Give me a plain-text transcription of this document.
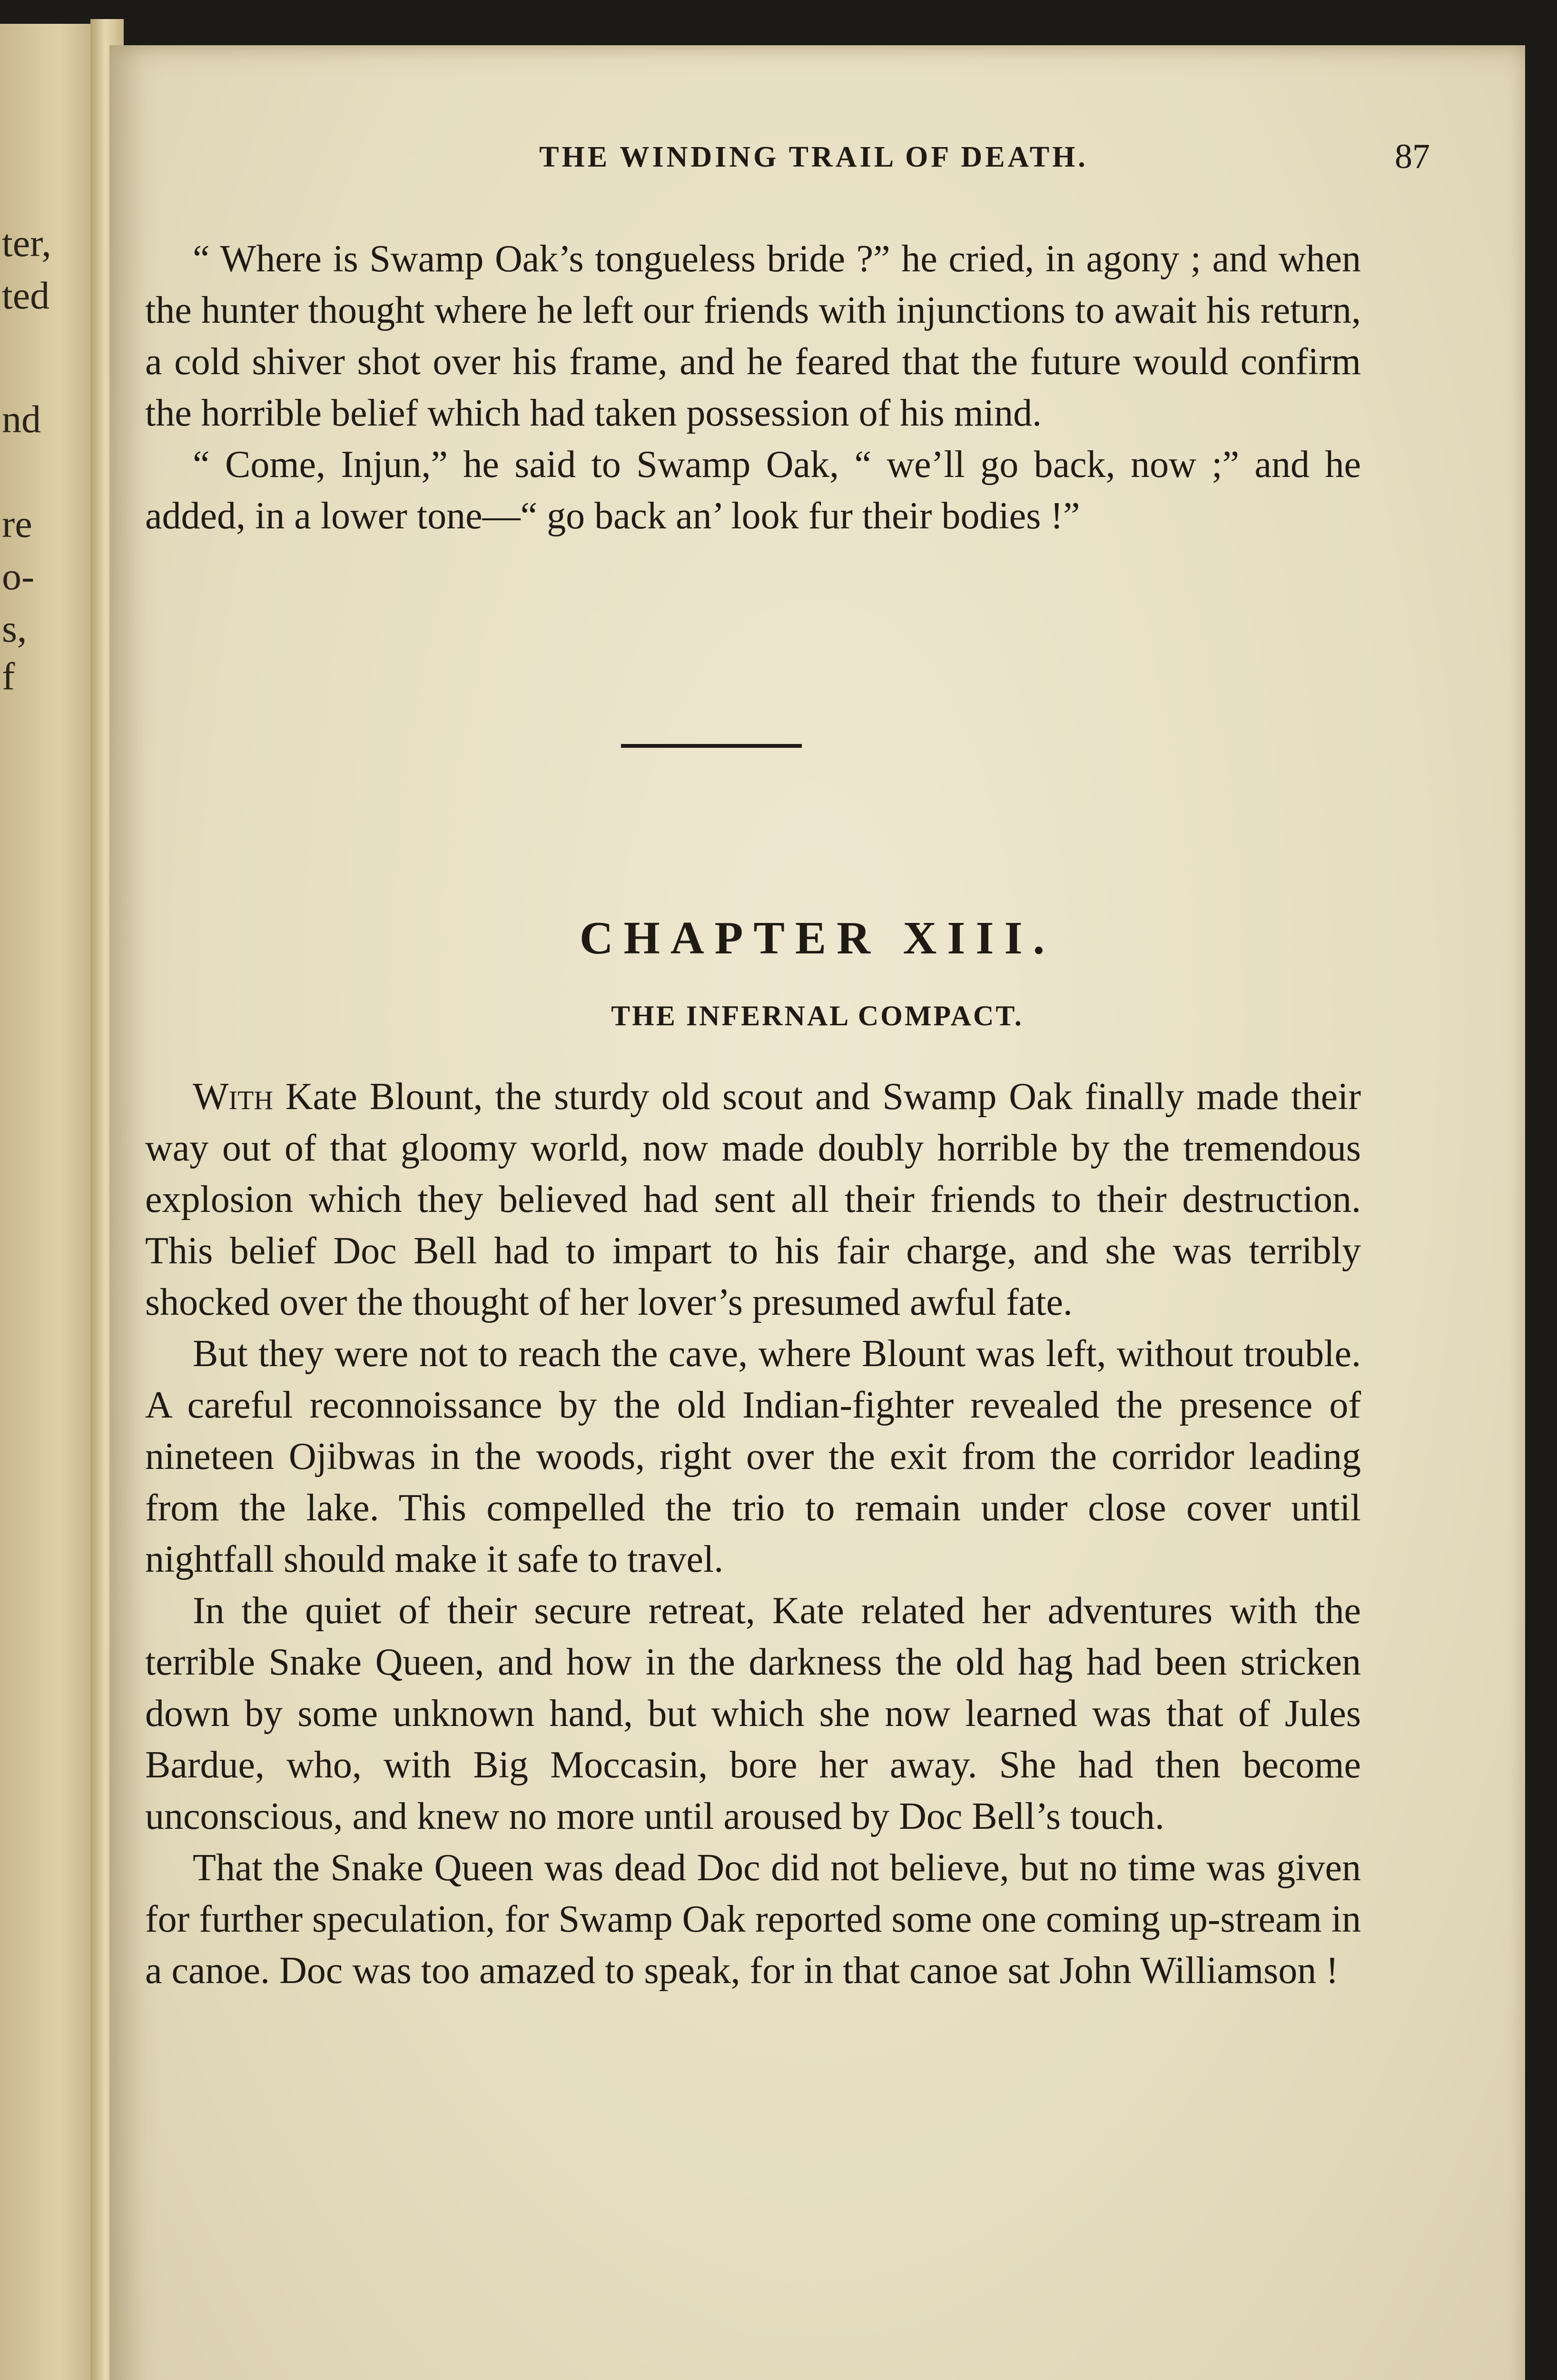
ter,
ted
nd
re
o-
s,
f
THE WINDING TRAIL OF DEATH.	87

“ Where is Swamp Oak’s tongueless bride ?” he cried, in agony ; and when the hunter thought where he left our friends with injunctions to await his return, a cold shiver shot over his frame, and he feared that the future would confirm the horrible belief which had taken possession of his mind.

“ Come, Injun,” he said to Swamp Oak, “ we’ll go back, now ;” and he added, in a lower tone—“ go back an’ look fur their bodies !”

CHAPTER XIII.
THE INFERNAL COMPACT.

With Kate Blount, the sturdy old scout and Swamp Oak finally made their way out of that gloomy world, now made doubly horrible by the tremendous explosion which they believed had sent all their friends to their destruction. This belief Doc Bell had to impart to his fair charge, and she was terribly shocked over the thought of her lover’s presumed awful fate.

But they were not to reach the cave, where Blount was left, without trouble. A careful reconnoissance by the old Indian-fighter revealed the presence of nineteen Ojibwas in the woods, right over the exit from the corridor leading from the lake. This compelled the trio to remain under close cover until nightfall should make it safe to travel.

In the quiet of their secure retreat, Kate related her adventures with the terrible Snake Queen, and how in the darkness the old hag had been stricken down by some unknown hand, but which she now learned was that of Jules Bardue, who, with Big Moccasin, bore her away. She had then become unconscious, and knew no more until aroused by Doc Bell’s touch.

That the Snake Queen was dead Doc did not believe, but no time was given for further speculation, for Swamp Oak reported some one coming up-stream in a canoe. Doc was too amazed to speak, for in that canoe sat John Williamson !
